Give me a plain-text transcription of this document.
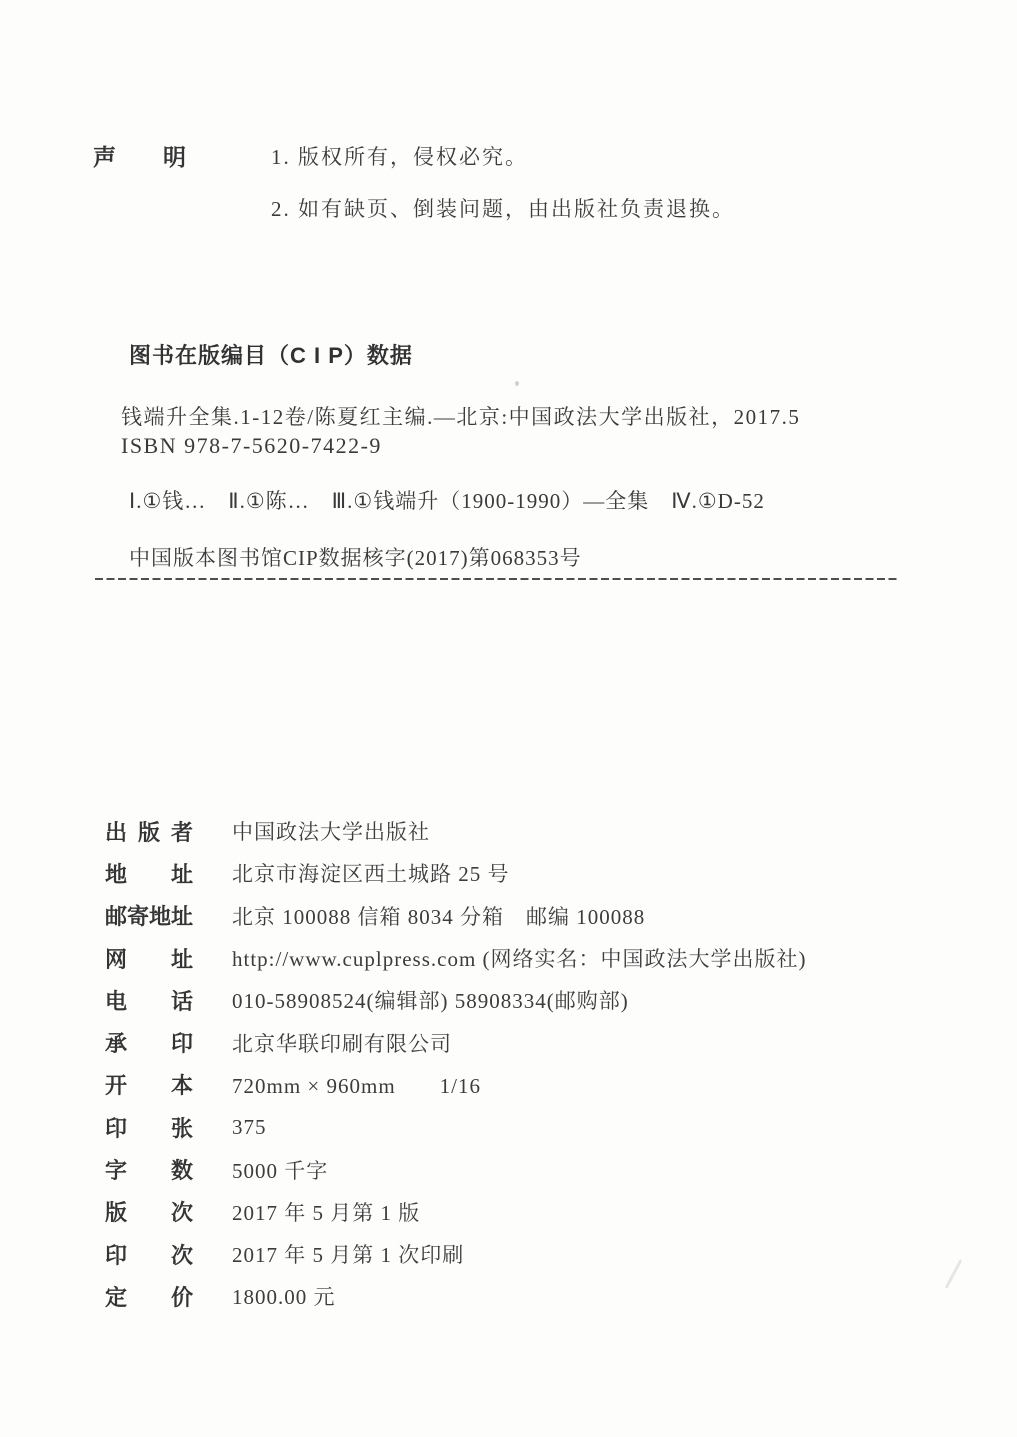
声明	1. 版权所有，侵权必究。

2. 如有缺页、倒装问题，由出版社负责退换。

图书在版编目（C I P）数据

钱端升全集.1-12卷/陈夏红主编.—北京:中国政法大学出版社，2017.5

ISBN 978-7-5620-7422-9

Ⅰ.①钱…　Ⅱ.①陈…　Ⅲ.①钱端升（1900-1990）—全集　Ⅳ.①D-52

中国版本图书馆CIP数据核字(2017)第068353号

出版者 中国政法大学出版社
地址 北京市海淀区西土城路 25 号
邮寄地址 北京 100088 信箱 8034 分箱　邮编 100088
网址 http://www.cuplpress.com (网络实名：中国政法大学出版社)
电话 010-58908524(编辑部) 58908334(邮购部)
承印 北京华联印刷有限公司
开本 720mm × 960mm　　1/16
印张 375
字数 5000 千字
版次 2017 年 5 月第 1 版
印次 2017 年 5 月第 1 次印刷
定价 1800.00 元
